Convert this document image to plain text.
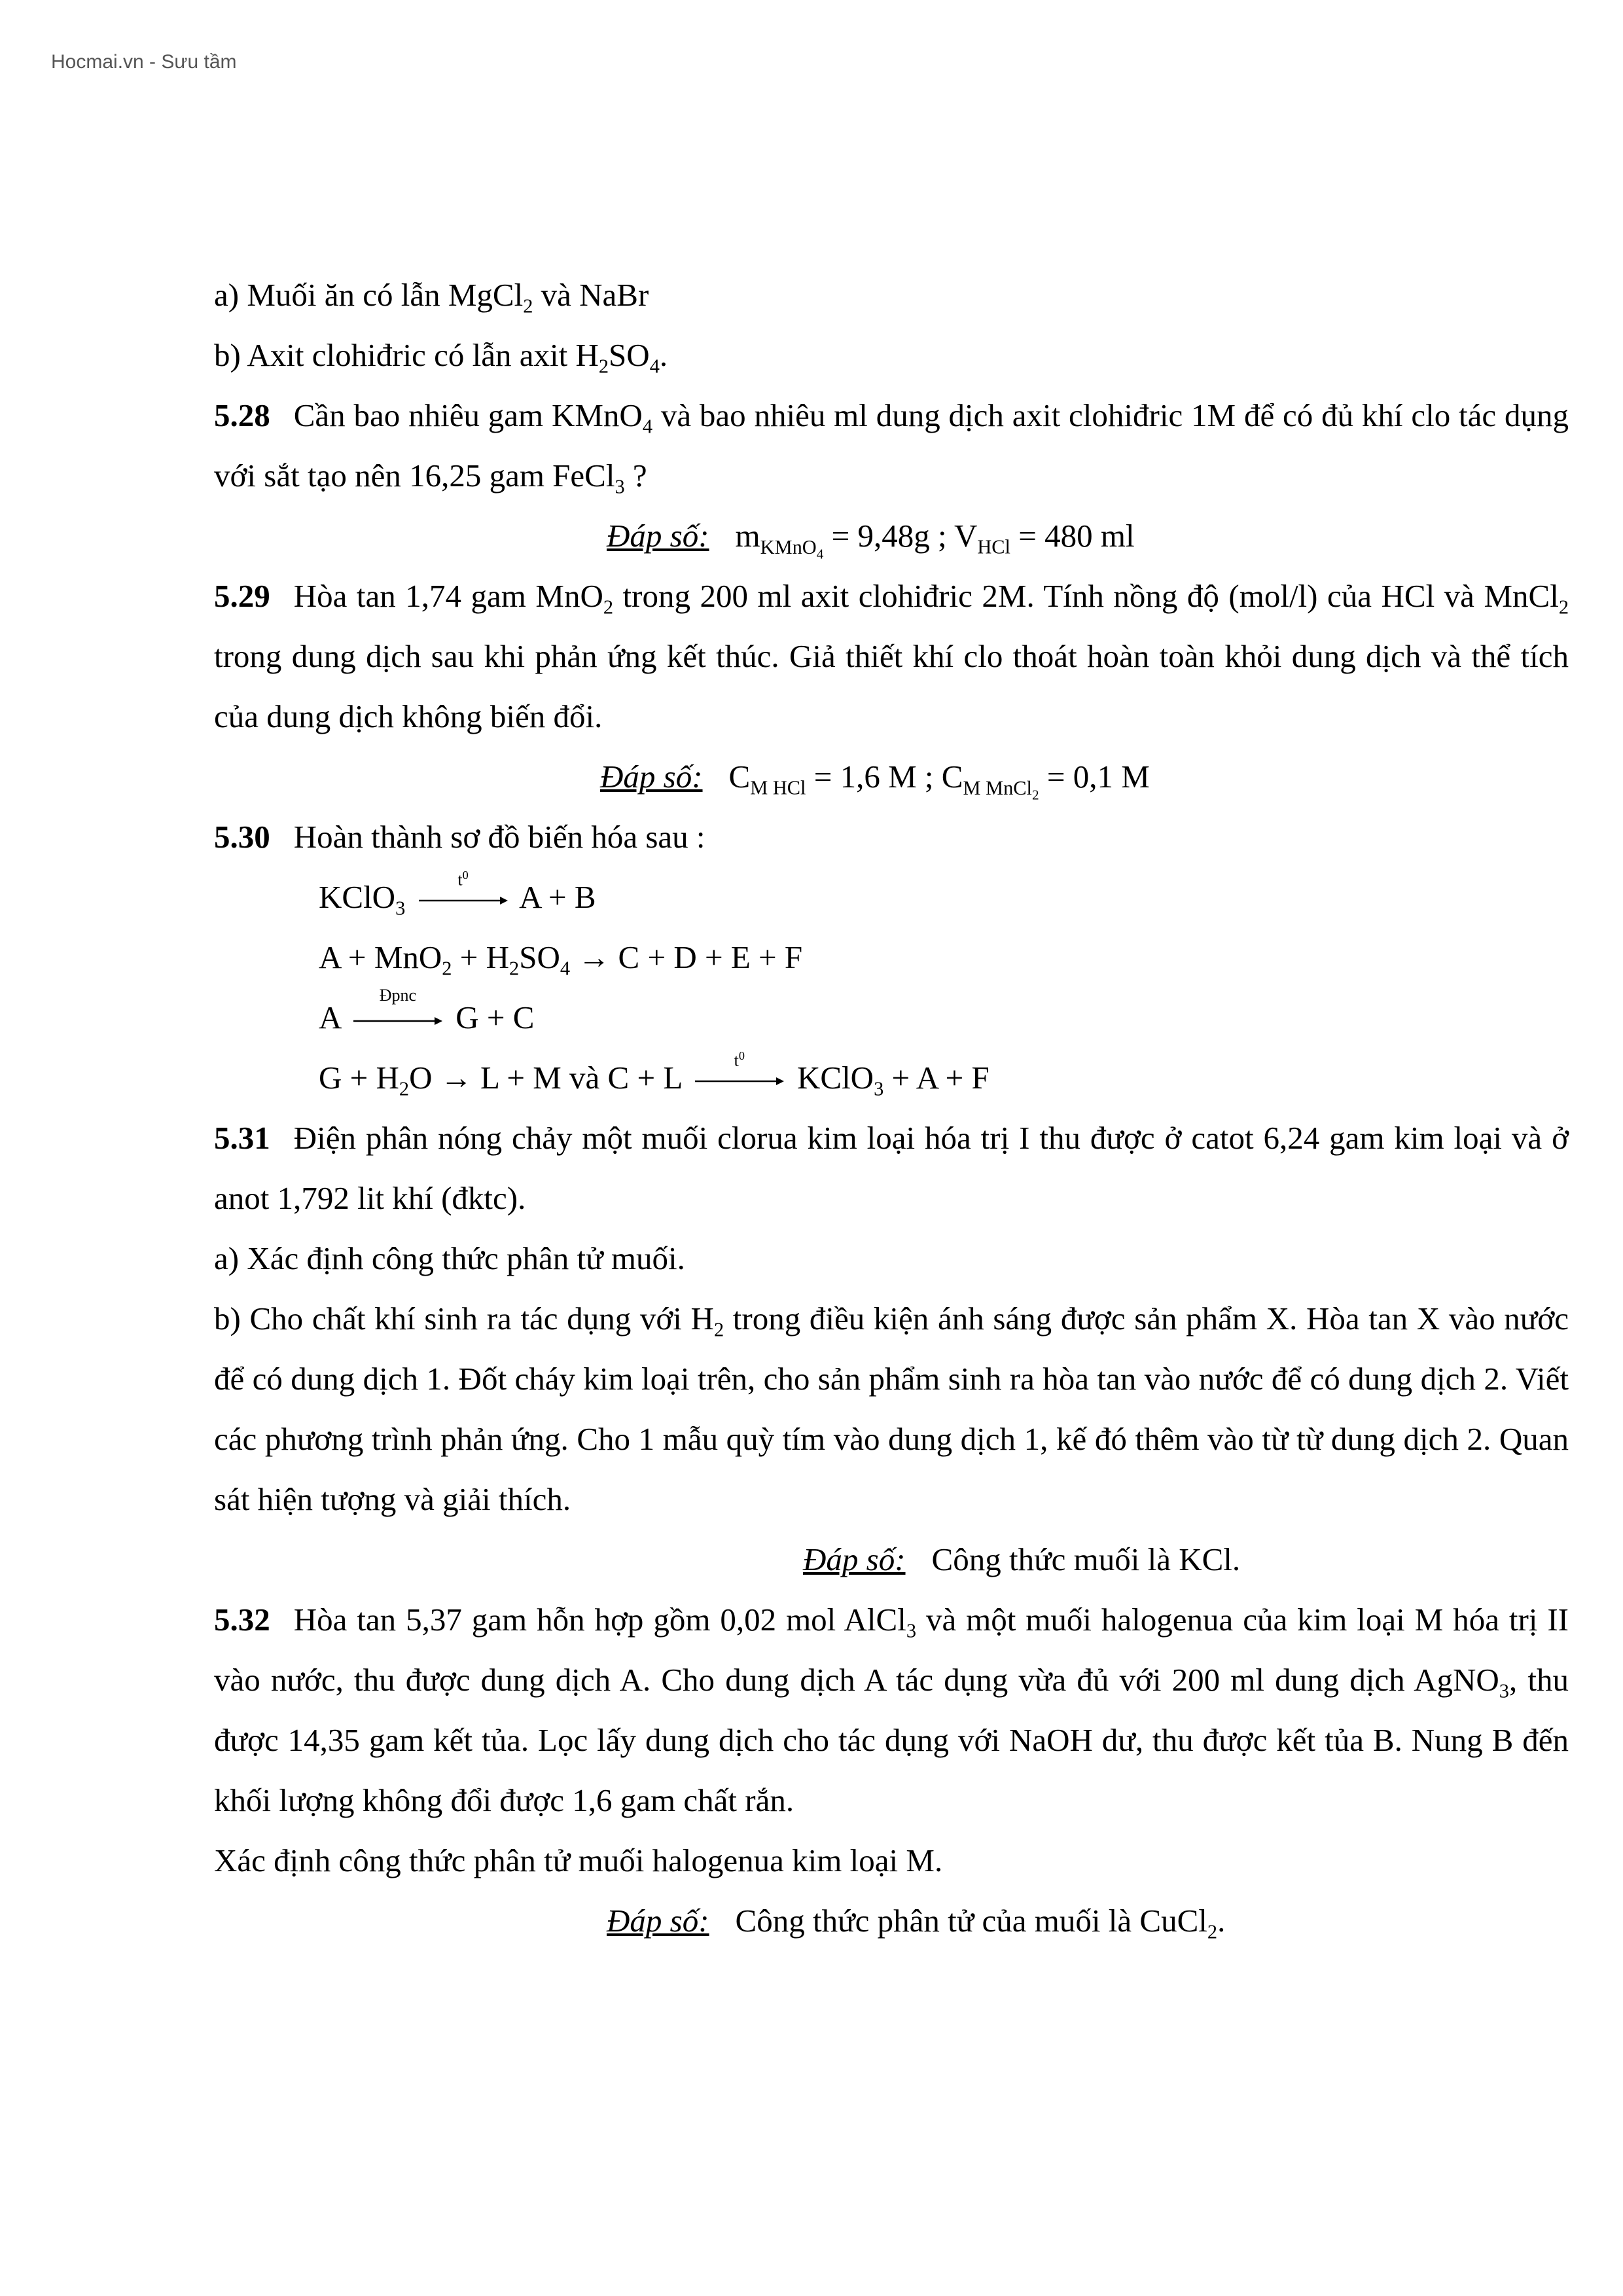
Hocmai.vn - Sưu tầm

a) Muối ăn có lẫn MgCl$_2$ và NaBr

b) Axit clohiđric có lẫn axit $H_2SO_4$.

5.28 Cần bao nhiêu gam KMnO$_4$ và bao nhiêu ml dung dịch axit clohiđric 1M để có đủ khí clo tác dụng với sắt tạo nên 16,25 gam FeCl$_3$ ?

Đáp số: $m_{KMnO_4} = 9,48g$ ; $V_{HCl} = 480$ ml

5.29 Hòa tan 1,74 gam MnO$_2$ trong 200 ml axit clohiđric 2M. Tính nồng độ (mol/l) của HCl và MnCl$_2$ trong dung dịch sau khi phản ứng kết thúc. Giả thiết khí clo thoát hoàn toàn khỏi dung dịch và thể tích của dung dịch không biến đổi.

Đáp số: $C_{M HCl} = 1,6$ M ; $C_{M MnCl_2} = 0,1$ M

5.30 Hoàn thành sơ đồ biến hóa sau :

KClO$_3$
$t^0$
A + B
$A + MnO_2 + H_2SO_4 \to C + D + E + F$
A
Đpnc
G + C
$G + H_2O \to L + M$ và C + L	$t^0$
KClO$_3$ + A + F

5.31 Điện phân nóng chảy một muối clorua kim loại hóa trị I thu được ở catot 6,24 gam kim loại và ở anot 1,792 lit khí (đktc).

a) Xác định công thức phân tử muối.

b) Cho chất khí sinh ra tác dụng với $H_2$ trong điều kiện ánh sáng được sản phẩm X. Hòa tan X vào nước để có dung dịch 1. Đốt cháy kim loại trên, cho sản phẩm sinh ra hòa tan vào nước để có dung dịch 2. Viết các phương trình phản ứng. Cho 1 mẫu quỳ tím vào dung dịch 1, kế đó thêm vào từ từ dung dịch 2. Quan sát hiện tượng và giải thích.

Đáp số: Công thức muối là KCl.

5.32 Hòa tan 5,37 gam hỗn hợp gồm 0,02 mol AlCl$_3$ và một muối halogenua của kim loại M hóa trị II vào nước, thu được dung dịch A. Cho dung dịch A tác dụng vừa đủ với 200 ml dung dịch AgNO$_3$, thu được 14,35 gam kết tủa. Lọc lấy dung dịch cho tác dụng với NaOH dư, thu được kết tủa B. Nung B đến khối lượng không đổi được 1,6 gam chất rắn.

Xác định công thức phân tử muối halogenua kim loại M.

Đáp số: Công thức phân tử của muối là CuCl$_2$.
